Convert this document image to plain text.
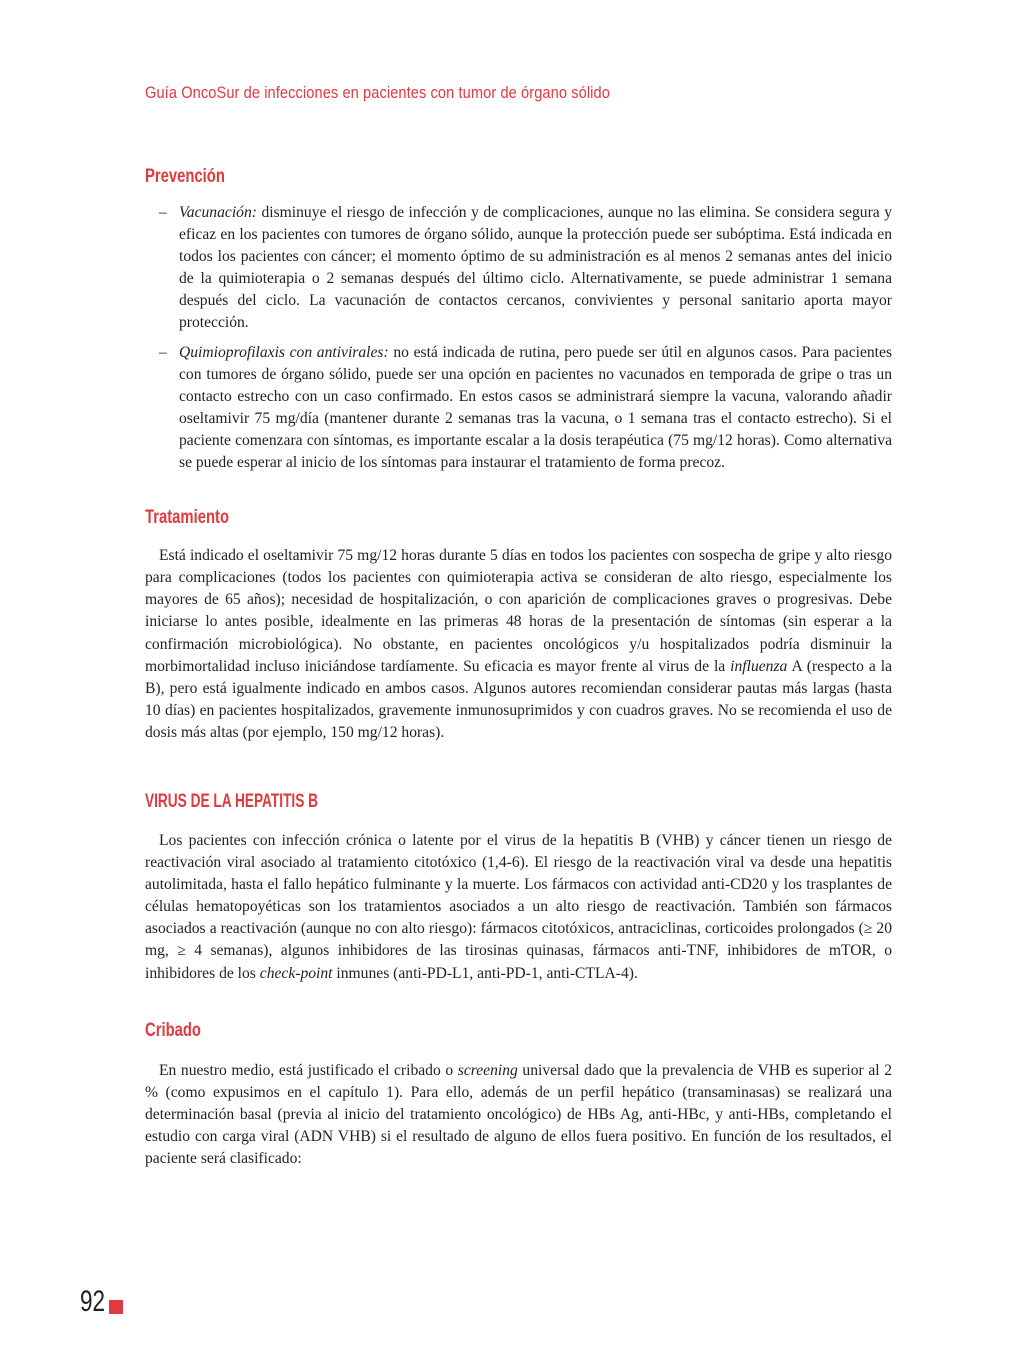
Guía OncoSur de infecciones en pacientes con tumor de órgano sólido
Prevención
– Vacunación: disminuye el riesgo de infección y de complicaciones, aunque no las elimina. Se considera segura y eficaz en los pacientes con tumores de órgano sólido, aunque la protección puede ser subóptima. Está indicada en todos los pacientes con cáncer; el momento óptimo de su administración es al menos 2 semanas antes del inicio de la quimioterapia o 2 semanas después del último ciclo. Alternativamente, se puede administrar 1 semana después del ciclo. La vacunación de contactos cercanos, convivientes y personal sanitario aporta mayor protección.
– Quimioprofilaxis con antivirales: no está indicada de rutina, pero puede ser útil en algunos casos. Para pacientes con tumores de órgano sólido, puede ser una opción en pacientes no vacunados en temporada de gripe o tras un contacto estrecho con un caso confirmado. En estos casos se administrará siempre la vacuna, valorando añadir oseltamivir 75 mg/día (mantener durante 2 semanas tras la vacuna, o 1 semana tras el contacto estrecho). Si el paciente comenzara con síntomas, es importante escalar a la dosis terapéutica (75 mg/12 horas). Como alternativa se puede esperar al inicio de los síntomas para instaurar el tratamiento de forma precoz.
Tratamiento

Está indicado el oseltamivir 75 mg/12 horas durante 5 días en todos los pacientes con sospecha de gripe y alto riesgo para complicaciones (todos los pacientes con quimioterapia activa se consideran de alto riesgo, especialmente los mayores de 65 años); necesidad de hospitalización, o con aparición de complicaciones graves o progresivas. Debe iniciarse lo antes posible, idealmente en las primeras 48 horas de la presentación de síntomas (sin esperar a la confirmación microbiológica). No obstante, en pacientes oncológicos y/u hospitalizados podría disminuir la morbimortalidad incluso iniciándose tardíamente. Su eficacia es mayor frente al virus de la influenza A (respecto a la B), pero está igualmente indicado en ambos casos. Algunos autores recomiendan considerar pautas más largas (hasta 10 días) en pacientes hospitalizados, gravemente inmunosuprimidos y con cuadros graves. No se recomienda el uso de dosis más altas (por ejemplo, 150 mg/12 horas).

VIRUS DE LA HEPATITIS B

Los pacientes con infección crónica o latente por el virus de la hepatitis B (VHB) y cáncer tienen un riesgo de reactivación viral asociado al tratamiento citotóxico (1,4-6). El riesgo de la reactivación viral va desde una hepatitis autolimitada, hasta el fallo hepático fulminante y la muerte. Los fármacos con actividad anti-CD20 y los trasplantes de células hematopoyéticas son los tratamientos asociados a un alto riesgo de reactivación. También son fármacos asociados a reactivación (aunque no con alto riesgo): fármacos citotóxicos, antraciclinas, corticoides prolongados (≥ 20 mg, ≥ 4 semanas), algunos inhibidores de las tirosinas quinasas, fármacos anti-TNF, inhibidores de mTOR, o inhibidores de los check-point inmunes (anti-PD-L1, anti-PD-1, anti-CTLA-4).

Cribado

En nuestro medio, está justificado el cribado o screening universal dado que la prevalencia de VHB es superior al 2 % (como expusimos en el capítulo 1). Para ello, además de un perfil hepático (transaminasas) se realizará una determinación basal (previa al inicio del tratamiento oncológico) de HBs Ag, anti-HBc, y anti-HBs, completando el estudio con carga viral (ADN VHB) si el resultado de alguno de ellos fuera positivo. En función de los resultados, el paciente será clasificado:

92
